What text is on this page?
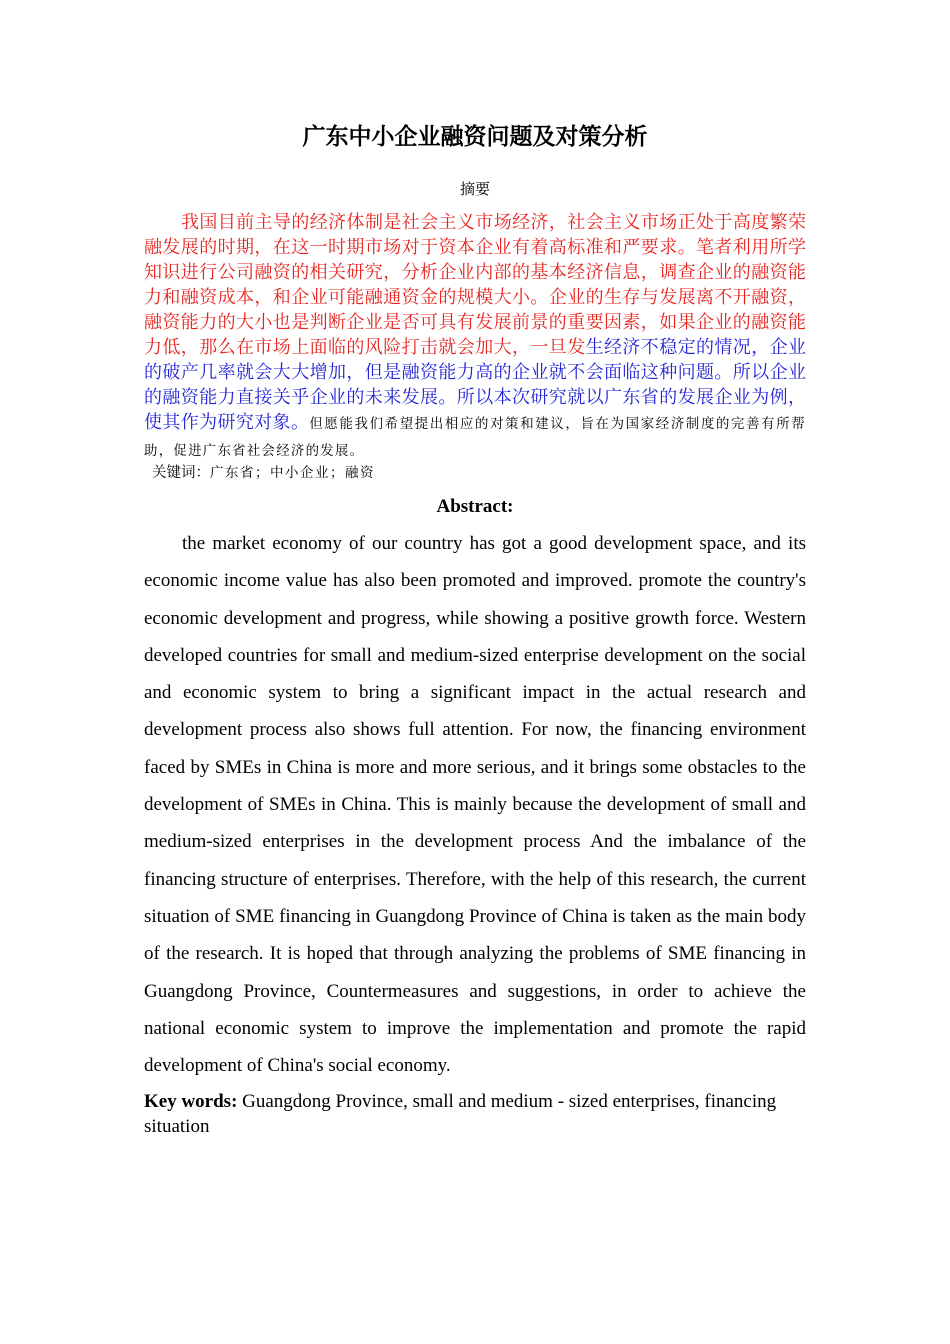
广东中小企业融资问题及对策分析
摘要

我国目前主导的经济体制是社会主义市场经济，社会主义市场正处于高度繁荣融发展的时期，在这一时期市场对于资本企业有着高标准和严要求。笔者利用所学知识进行公司融资的相关研究，分析企业内部的基本经济信息，调查企业的融资能力和融资成本，和企业可能融通资金的规模大小。企业的生存与发展离不开融资，融资能力的大小也是判断企业是否可具有发展前景的重要因素，如果企业的融资能力低，那么在市场上面临的风险打击就会加大，一旦发生经济不稳定的情况，企业的破产几率就会大大增加，但是融资能力高的企业就不会面临这种问题。所以企业的融资能力直接关乎企业的未来发展。所以本次研究就以广东省的发展企业为例，使其作为研究对象。但愿能我们希望提出相应的对策和建议，旨在为国家经济制度的完善有所帮助，促进广东省社会经济的发展。

关键词：广东省；中小企业；融资

Abstract:

the market economy of our country has got a good development space, and its economic income value has also been promoted and improved. promote the country's economic development and progress, while showing a positive growth force. Western developed countries for small and medium-sized enterprise development on the social and economic system to bring a significant impact in the actual research and development process also shows full attention. For now, the financing environment faced by SMEs in China is more and more serious, and it brings some obstacles to the development of SMEs in China. This is mainly because the development of small and medium-sized enterprises in the development process And the imbalance of the financing structure of enterprises. Therefore, with the help of this research, the current situation of SME financing in Guangdong Province of China is taken as the main body of the research. It is hoped that through analyzing the problems of SME financing in Guangdong Province, Countermeasures and suggestions, in order to achieve the national economic system to improve the implementation and promote the rapid development of China's social economy.

Key words: Guangdong Province, small and medium - sized enterprises, financing situation
